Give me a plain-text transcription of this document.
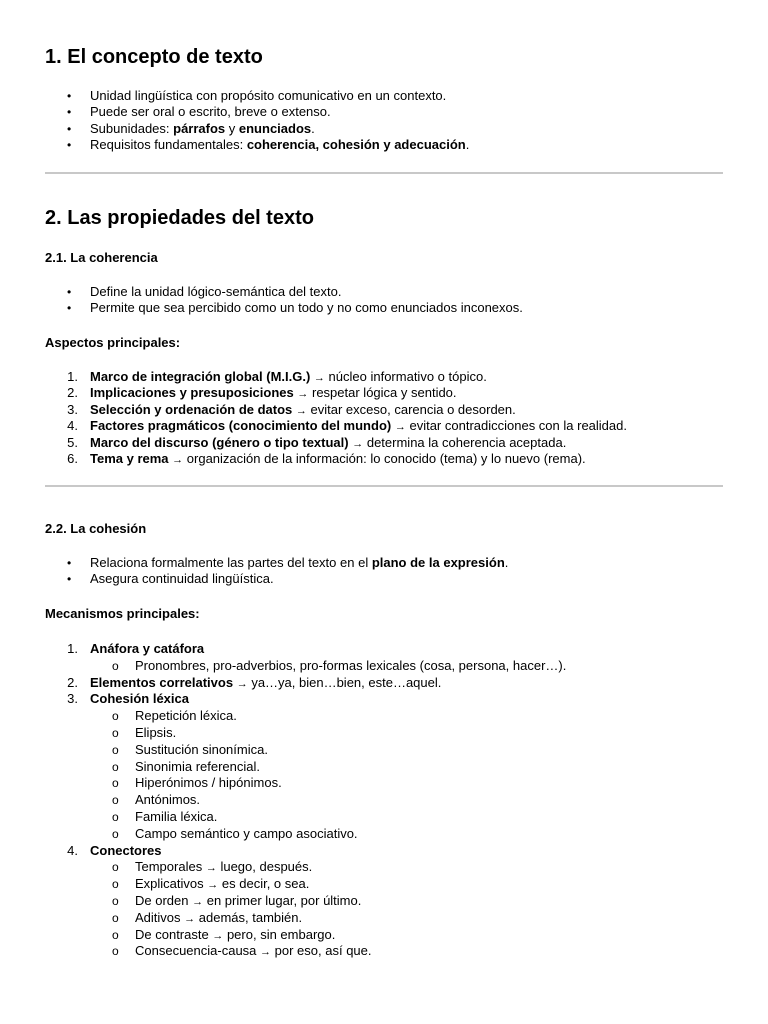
1. El concepto de texto
•	Unidad lingüística con propósito comunicativo en un contexto.
•	Puede ser oral o escrito, breve o extenso.
•	Subunidades: párrafos y enunciados.
•	Requisitos fundamentales: coherencia, cohesión y adecuación.
2. Las propiedades del texto
2.1. La coherencia
•	Define la unidad lógico-semántica del texto.
•	Permite que sea percibido como un todo y no como enunciados inconexos.
Aspectos principales:
1. Marco de integración global (M.I.G.) → núcleo informativo o tópico.
2. Implicaciones y presuposiciones → respetar lógica y sentido.
3. Selección y ordenación de datos → evitar exceso, carencia o desorden.
4. Factores pragmáticos (conocimiento del mundo) → evitar contradicciones con la realidad.
5. Marco del discurso (género o tipo textual) → determina la coherencia aceptada.
6. Tema y rema → organización de la información: lo conocido (tema) y lo nuevo (rema).
2.2. La cohesión
•	Relaciona formalmente las partes del texto en el plano de la expresión.
•	Asegura continuidad lingüística.
Mecanismos principales:
1. Anáfora y catáfora
o	Pronombres, pro-adverbios, pro-formas lexicales (cosa, persona, hacer…).
2. Elementos correlativos → ya…ya, bien…bien, este…aquel.
3. Cohesión léxica
o	Repetición léxica.
o	Elipsis.
o	Sustitución sinonímica.
o	Sinonimia referencial.
o	Hiperónimos / hipónimos.
o	Antónimos.
o	Familia léxica.
o	Campo semántico y campo asociativo.
4. Conectores
o	Temporales → luego, después.
o	Explicativos → es decir, o sea.
o	De orden → en primer lugar, por último.
o	Aditivos → además, también.
o	De contraste → pero, sin embargo.
o	Consecuencia-causa → por eso, así que.
